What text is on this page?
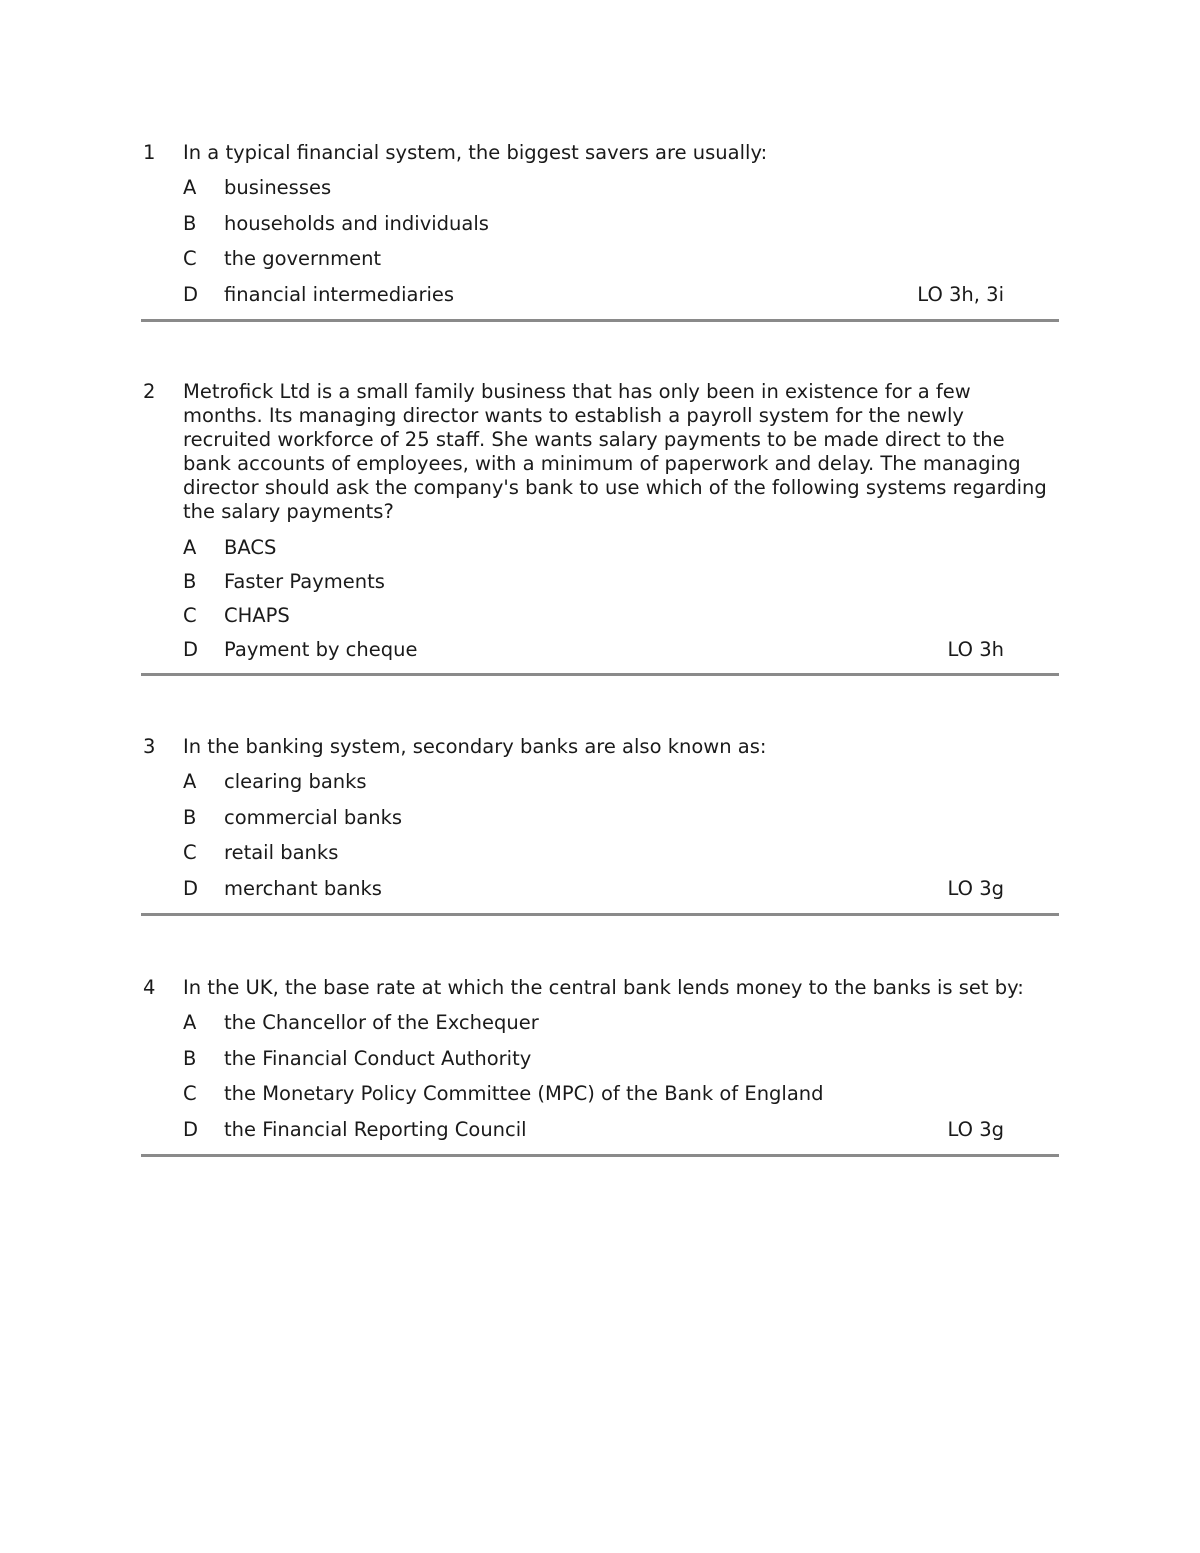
1 In a typical financial system, the biggest savers are usually:
A businesses
B households and individuals
C the government
D financial intermediaries	LO 3h, 3i
2 Metrofick Ltd is a small family business that has only been in existence for a few months. Its managing director wants to establish a payroll system for the newly recruited workforce of 25 staff. She wants salary payments to be made direct to the bank accounts of employees, with a minimum of paperwork and delay. The managing director should ask the company's bank to use which of the following systems regarding the salary payments?
A BACS
B Faster Payments
C CHAPS
D Payment by cheque	LO 3h
3 In the banking system, secondary banks are also known as:
A clearing banks
B commercial banks
C retail banks
D merchant banks	LO 3g
4 In the UK, the base rate at which the central bank lends money to the banks is set by:
A the Chancellor of the Exchequer
B the Financial Conduct Authority
C the Monetary Policy Committee (MPC) of the Bank of England
D the Financial Reporting Council	LO 3g
